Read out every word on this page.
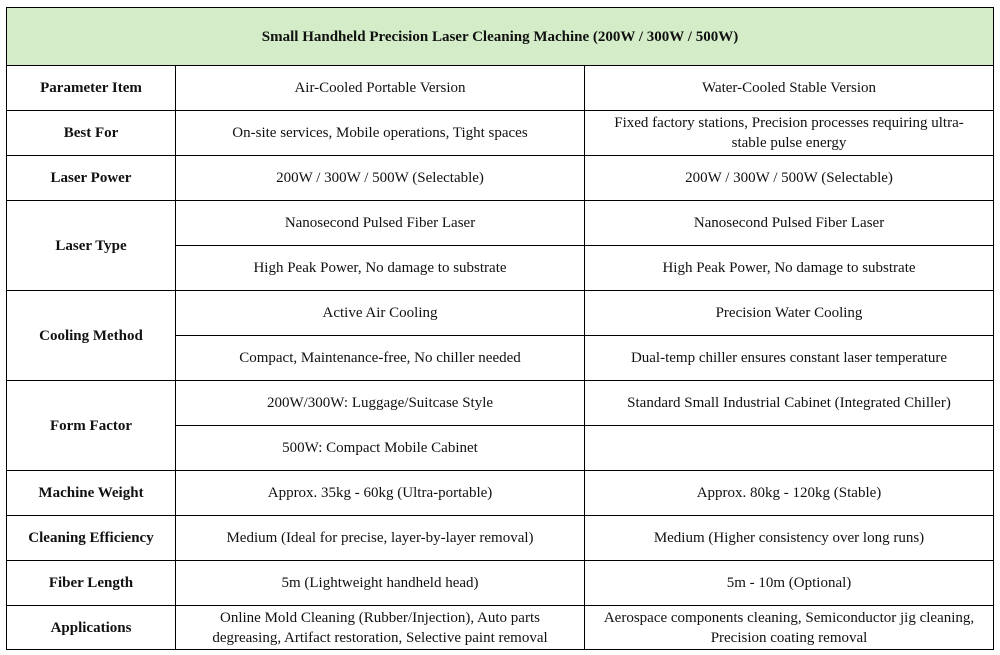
Small Handheld Precision Laser Cleaning Machine (200W / 300W / 500W)		
Parameter Item	Air-Cooled Portable Version	Water-Cooled Stable Version
Best For	On-site services, Mobile operations, Tight spaces	Fixed factory stations, Precision processes requiring ultra-stable pulse energy
Laser Power	200W / 300W / 500W (Selectable)	200W / 300W / 500W (Selectable)
Laser Type	Nanosecond Pulsed Fiber Laser	Nanosecond Pulsed Fiber Laser
	High Peak Power, No damage to substrate	High Peak Power, No damage to substrate
Cooling Method	Active Air Cooling	Precision Water Cooling
	Compact, Maintenance-free, No chiller needed	Dual-temp chiller ensures constant laser temperature
Form Factor	200W/300W: Luggage/Suitcase Style	Standard Small Industrial Cabinet (Integrated Chiller)
	500W: Compact Mobile Cabinet	
Machine Weight	Approx. 35kg - 60kg (Ultra-portable)	Approx. 80kg - 120kg (Stable)
Cleaning Efficiency	Medium (Ideal for precise, layer-by-layer removal)	Medium (Higher consistency over long runs)
Fiber Length	5m (Lightweight handheld head)	5m - 10m (Optional)
Applications	Online Mold Cleaning (Rubber/Injection), Auto parts degreasing, Artifact restoration, Selective paint removal	Aerospace components cleaning, Semiconductor jig cleaning, Precision coating removal
